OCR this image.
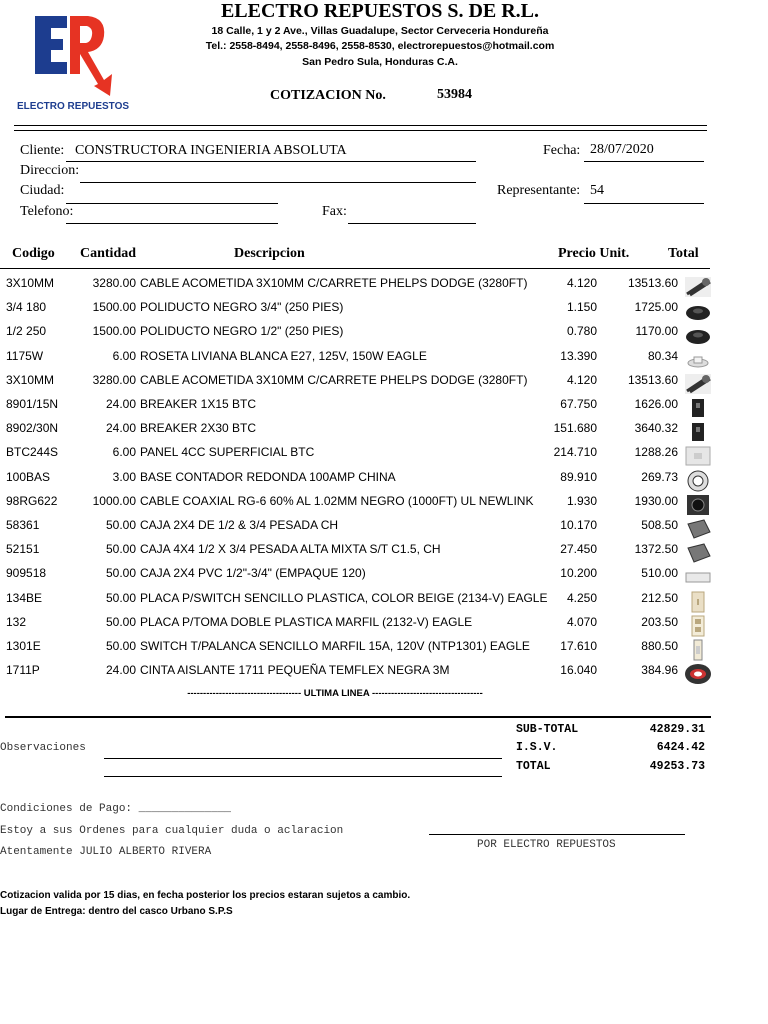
ELECTRO REPUESTOS
ELECTRO REPUESTOS S. DE R.L.
18 Calle, 1 y 2 Ave., Villas Guadalupe, Sector Cerveceria Hondureña
Tel.: 2558-8494, 2558-8496, 2558-8530, electrorepuestos@hotmail.com
San Pedro Sula, Honduras C.A.
COTIZACION No.	53984
Cliente: CONSTRUCTORA INGENIERIA ABSOLUTA
Direccion:
Ciudad:
Telefono:
Fecha: 28/07/2020
Representante: 54
Fax:
Codigo Cantidad	Descripcion	Precio Unit.	Total
3X10MM	3280.00 CABLE ACOMETIDA 3X10MM C/CARRETE PHELPS DODGE (3280FT)	4.120	13513.60
3/4 180	1500.00 POLIDUCTO NEGRO 3/4" (250 PIES)	1.150	1725.00
1/2 250	1500.00 POLIDUCTO NEGRO 1/2" (250 PIES)	0.780	1170.00
1175W	6.00 ROSETA LIVIANA BLANCA E27, 125V, 150W EAGLE	13.390	80.34
3X10MM	3280.00 CABLE ACOMETIDA 3X10MM C/CARRETE PHELPS DODGE (3280FT)	4.120	13513.60
8901/15N	24.00 BREAKER 1X15 BTC	67.750	1626.00
8902/30N	24.00 BREAKER 2X30 BTC	151.680	3640.32
BTC244S	6.00 PANEL 4CC SUPERFICIAL BTC	214.710	1288.26
100BAS	3.00 BASE CONTADOR REDONDA 100AMP CHINA	89.910	269.73
98RG622	1000.00 CABLE COAXIAL RG-6 60% AL 1.02MM NEGRO (1000FT) UL NEWLINK	1.930	1930.00
58361	50.00 CAJA 2X4 DE 1/2 & 3/4 PESADA CH	10.170	508.50
52151	50.00 CAJA 4X4 1/2 X 3/4 PESADA ALTA MIXTA S/T C1.5, CH	27.450	1372.50
909518	50.00 CAJA 2X4 PVC 1/2"-3/4" (EMPAQUE 120)	10.200	510.00
134BE	50.00 PLACA P/SWITCH SENCILLO PLASTICA, COLOR BEIGE (2134-V) EAGLE 4.250	212.50
132	50.00 PLACA P/TOMA DOBLE PLASTICA MARFIL (2132-V) EAGLE	4.070	203.50
1301E	50.00 SWITCH T/PALANCA SENCILLO MARFIL 15A, 120V (NTP1301) EAGLE	17.610	880.50
1711P	24.00 CINTA AISLANTE 1711 PEQUEÑA TEMFLEX NEGRA 3M	16.040	384.96
------------------------------------ ULTIMA LINEA -----------------------------------
SUB-TOTAL	42829.31
I.S.V.	6424.42
TOTAL	49253.73
Observaciones
Condiciones de Pago: ______________
Estoy a sus Ordenes para cualquier duda o aclaracion
Atentamente JULIO ALBERTO RIVERA
POR ELECTRO REPUESTOS
Cotizacion valida por 15 dias, en fecha posterior los precios estaran sujetos a cambio.
Lugar de Entrega: dentro del casco Urbano S.P.S
